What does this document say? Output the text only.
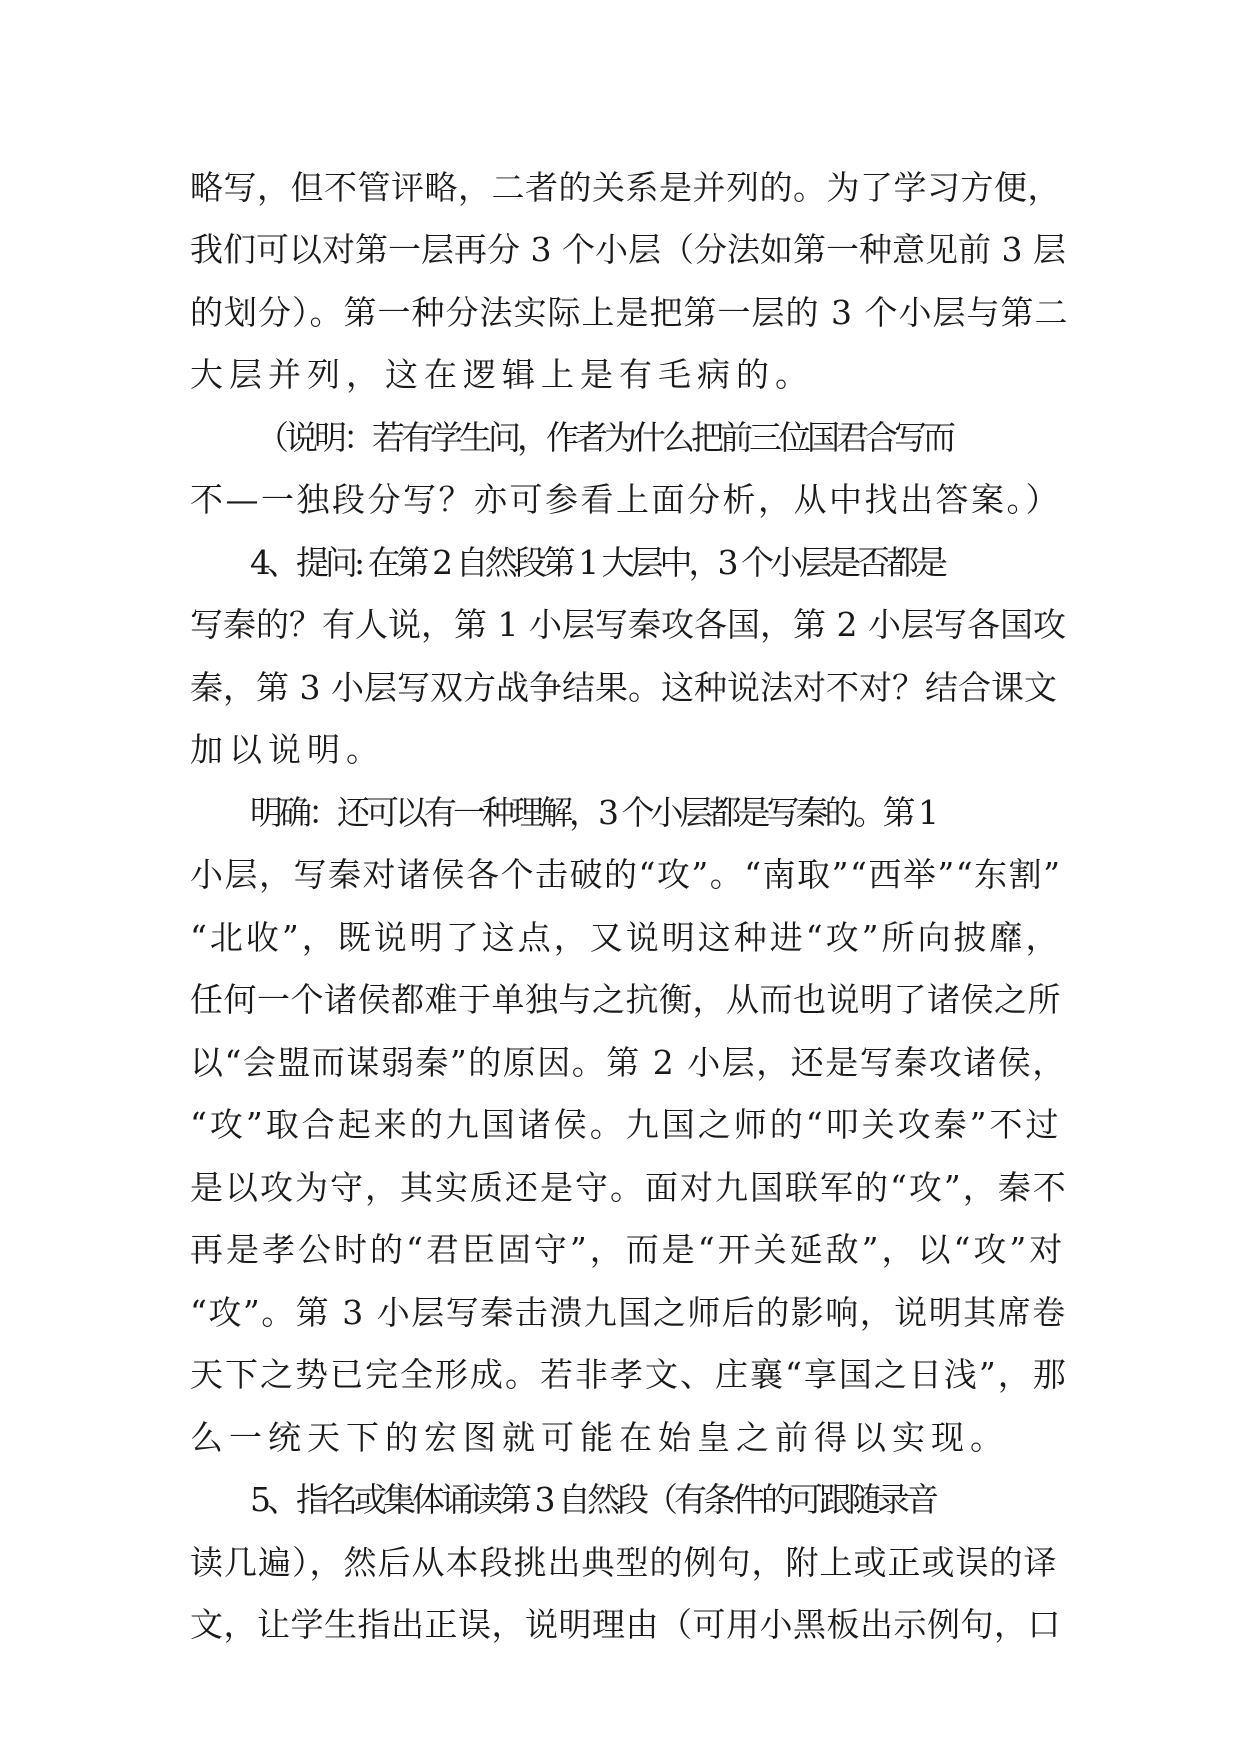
略写，但不管评略，二者的关系是并列的。为了学习方便，
我们可以对第一层再分 3 个小层（分法如第一种意见前 3 层
的划分）。第一种分法实际上是把第一层的 3 个小层与第二
大层并列，这在逻辑上是有毛病的。
（说明：若有学生问，作者为什么把前三位国君合写而
不—一独段分写？亦可参看上面分析，从中找出答案。）
4、提问: 在第 2 自然段第 1 大层中，3 个小层是否都是
写秦的？有人说，第 1 小层写秦攻各国，第 2 小层写各国攻
秦，第 3 小层写双方战争结果。这种说法对不对？结合课文
加以说明。
明确：还可以有一种理解，3 个小层都是写秦的。第 1
小层，写秦对诸侯各个击破的“攻”。“南取”“西举”“东割”
“北收”，既说明了这点，又说明这种进“攻”所向披靡，
任何一个诸侯都难于单独与之抗衡，从而也说明了诸侯之所
以“会盟而谋弱秦”的原因。第 2 小层，还是写秦攻诸侯，
“攻”取合起来的九国诸侯。九国之师的“叩关攻秦”不过
是以攻为守，其实质还是守。面对九国联军的“攻”，秦不
再是孝公时的“君臣固守”，而是“开关延敌”，以“攻”对
“攻”。第 3 小层写秦击溃九国之师后的影响，说明其席卷
天下之势已完全形成。若非孝文、庄襄“享国之日浅”，那
么一统天下的宏图就可能在始皇之前得以实现。
5、指名或集体诵读第 3 自然段（有条件的可跟随录音
读几遍），然后从本段挑出典型的例句，附上或正或误的译
文，让学生指出正误，说明理由（可用小黑板出示例句，口
